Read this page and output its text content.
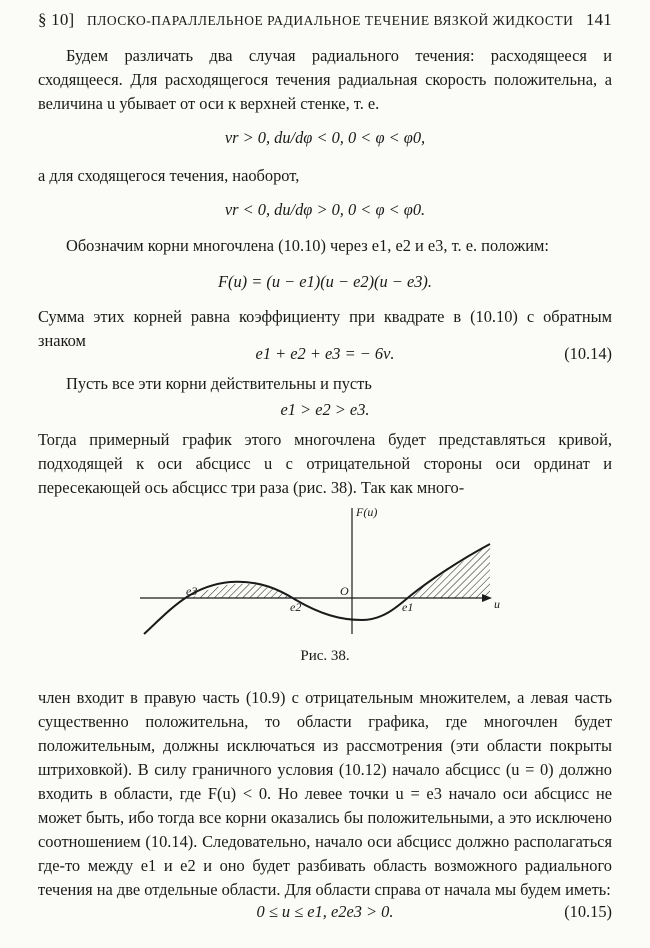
§ 10] ПЛОСКО-ПАРАЛЛЕЛЬНОЕ РАДИАЛЬНОЕ ТЕЧЕНИЕ ВЯЗКОЙ ЖИДКОСТИ 141

Будем различать два случая радиального течения: расходящееся и сходящееся. Для расходящегося течения радиальная скорость положительна, а величина u убывает от оси к верхней стенке, т. е.

vr > 0, du/dφ < 0, 0 < φ < φ0,

а для сходящегося течения, наоборот,

vr < 0, du/dφ > 0, 0 < φ < φ0.

Обозначим корни многочлена (10.10) через e1, e2 и e3, т. е. положим:

F(u) = (u − e1)(u − e2)(u − e3).

Сумма этих корней равна коэффициенту при квадрате в (10.10) с обратным знаком

e1 + e2 + e3 = − 6ν.	(10.14)

Пусть все эти корни действительны и пусть

e1 > e2 > e3.

Тогда примерный график этого многочлена будет представляться кривой, подходящей к оси абсцисс u с отрицательной стороны оси ординат и пересекающей ось абсцисс три раза (рис. 38). Так как много-

F(u)
u
O
e3
e2	e1
Рис. 38.

член входит в правую часть (10.9) с отрицательным множителем, а левая часть существенно положительна, то области графика, где многочлен будет положительным, должны исключаться из рассмотрения (эти области покрыты штриховкой). В силу граничного условия (10.12) начало абсцисс (u = 0) должно входить в области, где F(u) < 0. Но левее точки u = e3 начало оси абсцисс не может быть, ибо тогда все корни оказались бы положительными, а это исключено соотношением (10.14). Следовательно, начало оси абсцисс должно располагаться где-то между e1 и e2 и оно будет разбивать область возможного радиального течения на две отдельные области. Для области справа от начала мы будем иметь:

0 ≤ u ≤ e1, e2e3 > 0.	(10.15)
